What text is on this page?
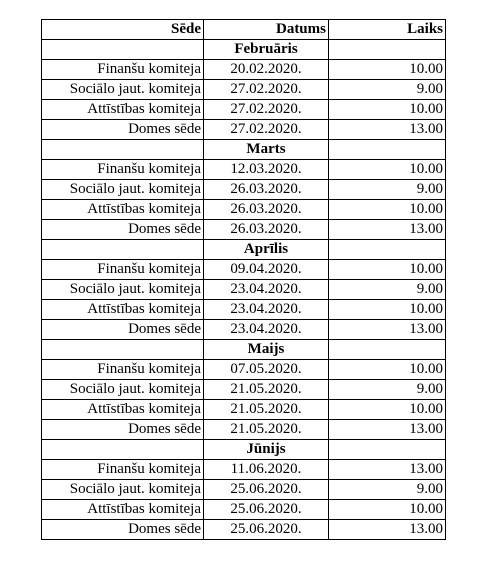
Sēde	Datums	Laiks
	Februāris	
Finanšu komiteja	20.02.2020.	10.00
Sociālo jaut. komiteja	27.02.2020.	9.00
Attīstības komiteja	27.02.2020.	10.00
Domes sēde	27.02.2020.	13.00
	Marts	
Finanšu komiteja	12.03.2020.	10.00
Sociālo jaut. komiteja	26.03.2020.	9.00
Attīstības komiteja	26.03.2020.	10.00
Domes sēde	26.03.2020.	13.00
	Aprīlis	
Finanšu komiteja	09.04.2020.	10.00
Sociālo jaut. komiteja	23.04.2020.	9.00
Attīstības komiteja	23.04.2020.	10.00
Domes sēde	23.04.2020.	13.00
	Maijs	
Finanšu komiteja	07.05.2020.	10.00
Sociālo jaut. komiteja	21.05.2020.	9.00
Attīstības komiteja	21.05.2020.	10.00
Domes sēde	21.05.2020.	13.00
	Jūnijs	
Finanšu komiteja	11.06.2020.	13.00
Sociālo jaut. komiteja	25.06.2020.	9.00
Attīstības komiteja	25.06.2020.	10.00
Domes sēde	25.06.2020.	13.00
